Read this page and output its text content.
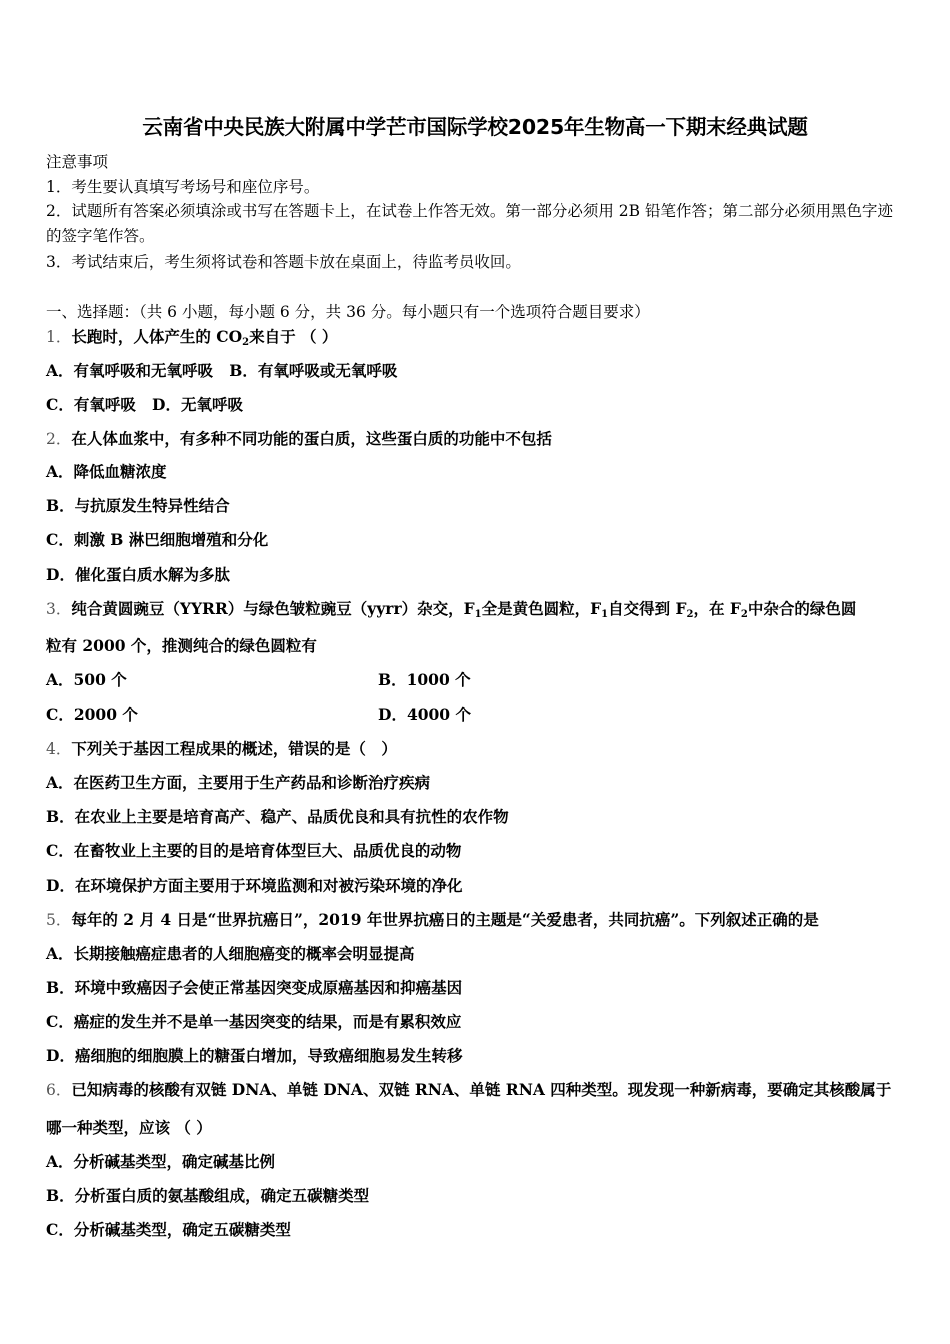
云南省中央民族大附属中学芒市国际学校2025年生物高一下期末经典试题
注意事项
1．考生要认真填写考场号和座位序号。
2．试题所有答案必须填涂或书写在答题卡上，在试卷上作答无效。第一部分必须用 2B 铅笔作答；第二部分必须用黑色字迹的签字笔作答。
3．考试结束后，考生须将试卷和答题卡放在桌面上，待监考员收回。
一、选择题：（共 6 小题，每小题 6 分，共 36 分。每小题只有一个选项符合题目要求）
1．长跑时，人体产生的 $CO_2$来自于 （ ）
A．有氧呼吸和无氧呼吸 B．有氧呼吸或无氧呼吸
C．有氧呼吸 D．无氧呼吸
2．在人体血浆中，有多种不同功能的蛋白质，这些蛋白质的功能中不包括
A．降低血糖浓度
B．与抗原发生特异性结合
C．刺激 B 淋巴细胞增殖和分化
D．催化蛋白质水解为多肽
3．纯合黄圆豌豆（YYRR）与绿色皱粒豌豆（yyrr）杂交，$F_1$全是黄色圆粒，$F_1$自交得到 $F_2$，在 $F_2$中杂合的绿色圆
粒有 2000 个，推测纯合的绿色圆粒有
A．500 个	B．1000 个
C．2000 个	D．4000 个
4．下列关于基因工程成果的概述，错误的是（　）
A．在医药卫生方面，主要用于生产药品和诊断治疗疾病
B．在农业上主要是培育高产、稳产、品质优良和具有抗性的农作物
C．在畜牧业上主要的目的是培育体型巨大、品质优良的动物
D．在环境保护方面主要用于环境监测和对被污染环境的净化
5．每年的 2 月 4 日是“世界抗癌日”，2019 年世界抗癌日的主题是“关爱患者，共同抗癌”。下列叙述正确的是
A．长期接触癌症患者的人细胞癌变的概率会明显提高
B．环境中致癌因子会使正常基因突变成原癌基因和抑癌基因
C．癌症的发生并不是单一基因突变的结果，而是有累积效应
D．癌细胞的细胞膜上的糖蛋白增加，导致癌细胞易发生转移
6．已知病毒的核酸有双链 DNA、单链 DNA、双链 RNA、单链 RNA 四种类型。现发现一种新病毒，要确定其核酸属于
哪一种类型，应该 （ ）
A．分析碱基类型，确定碱基比例
B．分析蛋白质的氨基酸组成，确定五碳糖类型
C．分析碱基类型，确定五碳糖类型
